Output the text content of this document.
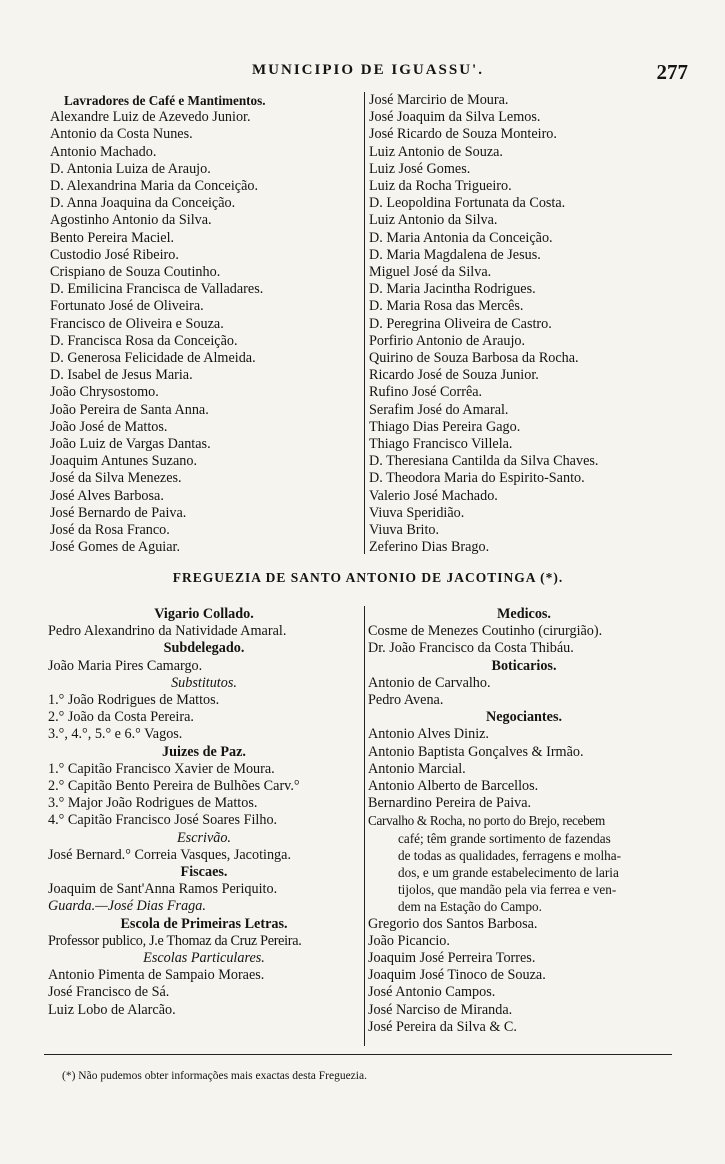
MUNICIPIO DE IGUASSU'.	277
Lavradores de Café e Mantimentos.
Alexandre Luiz de Azevedo Junior.
Antonio da Costa Nunes.
Antonio Machado.
D. Antonia Luiza de Araujo.
D. Alexandrina Maria da Conceição.
D. Anna Joaquina da Conceição.
Agostinho Antonio da Silva.
Bento Pereira Maciel.
Custodio José Ribeiro.
Crispiano de Souza Coutinho.
D. Emilicina Francisca de Valladares.
Fortunato José de Oliveira.
Francisco de Oliveira e Souza.
D. Francisca Rosa da Conceição.
D. Generosa Felicidade de Almeida.
D. Isabel de Jesus Maria.
João Chrysostomo.
João Pereira de Santa Anna.
João José de Mattos.
João Luiz de Vargas Dantas.
Joaquim Antunes Suzano.
José da Silva Menezes.
José Alves Barbosa.
José Bernardo de Paiva.
José da Rosa Franco.
José Gomes de Aguiar.
José Marcirio de Moura.
José Joaquim da Silva Lemos.
José Ricardo de Souza Monteiro.
Luiz Antonio de Souza.
Luiz José Gomes.
Luiz da Rocha Trigueiro.
D. Leopoldina Fortunata da Costa.
Luiz Antonio da Silva.
D. Maria Antonia da Conceição.
D. Maria Magdalena de Jesus.
Miguel José da Silva.
D. Maria Jacintha Rodrigues.
D. Maria Rosa das Mercês.
D. Peregrina Oliveira de Castro.
Porfirio Antonio de Araujo.
Quirino de Souza Barbosa da Rocha.
Ricardo José de Souza Junior.
Rufino José Corrêa.
Serafim José do Amaral.
Thiago Dias Pereira Gago.
Thiago Francisco Villela.
D. Theresiana Cantilda da Silva Chaves.
D. Theodora Maria do Espirito-Santo.
Valerio José Machado.
Viuva Speridião.
Viuva Brito.
Zeferino Dias Brago.
FREGUEZIA DE SANTO ANTONIO DE JACOTINGA (*).
Vigario Collado.
Pedro Alexandrino da Natividade Amaral.
Subdelegado.
João Maria Pires Camargo.
Substitutos.
1.° João Rodrigues de Mattos.
2.° João da Costa Pereira.
3.°, 4.°, 5.° e 6.° Vagos.
Juizes de Paz.
1.° Capitão Francisco Xavier de Moura.
2.° Capitão Bento Pereira de Bulhões Carv.°
3.° Major João Rodrigues de Mattos.
4.° Capitão Francisco José Soares Filho.
Escrivão.
José Bernard.° Correia Vasques, Jacotinga.
Fiscaes.
Joaquim de Sant'Anna Ramos Periquito.
Guarda.—José Dias Fraga.
Escola de Primeiras Letras.
Professor publico, J.e Thomaz da Cruz Pereira.
Escolas Particulares.
Antonio Pimenta de Sampaio Moraes.
José Francisco de Sá.
Luiz Lobo de Alarcão.
Medicos.
Cosme de Menezes Coutinho (cirurgião).
Dr. João Francisco da Costa Thibáu.
Boticarios.
Antonio de Carvalho.
Pedro Avena.
Negociantes.
Antonio Alves Diniz.
Antonio Baptista Gonçalves & Irmão.
Antonio Marcial.
Antonio Alberto de Barcellos.
Bernardino Pereira de Paiva.
Carvalho & Rocha, no porto do Brejo, recebem
café; têm grande sortimento de fazendas
de todas as qualidades, ferragens e molha-
dos, e um grande estabelecimento de laria
tijolos, que mandão pela via ferrea e ven-
dem na Estação do Campo.
Gregorio dos Santos Barbosa.
João Picancio.
Joaquim José Perreira Torres.
Joaquim José Tinoco de Souza.
José Antonio Campos.
José Narciso de Miranda.
José Pereira da Silva & C.
(*) Não pudemos obter informações mais exactas desta Freguezia.
